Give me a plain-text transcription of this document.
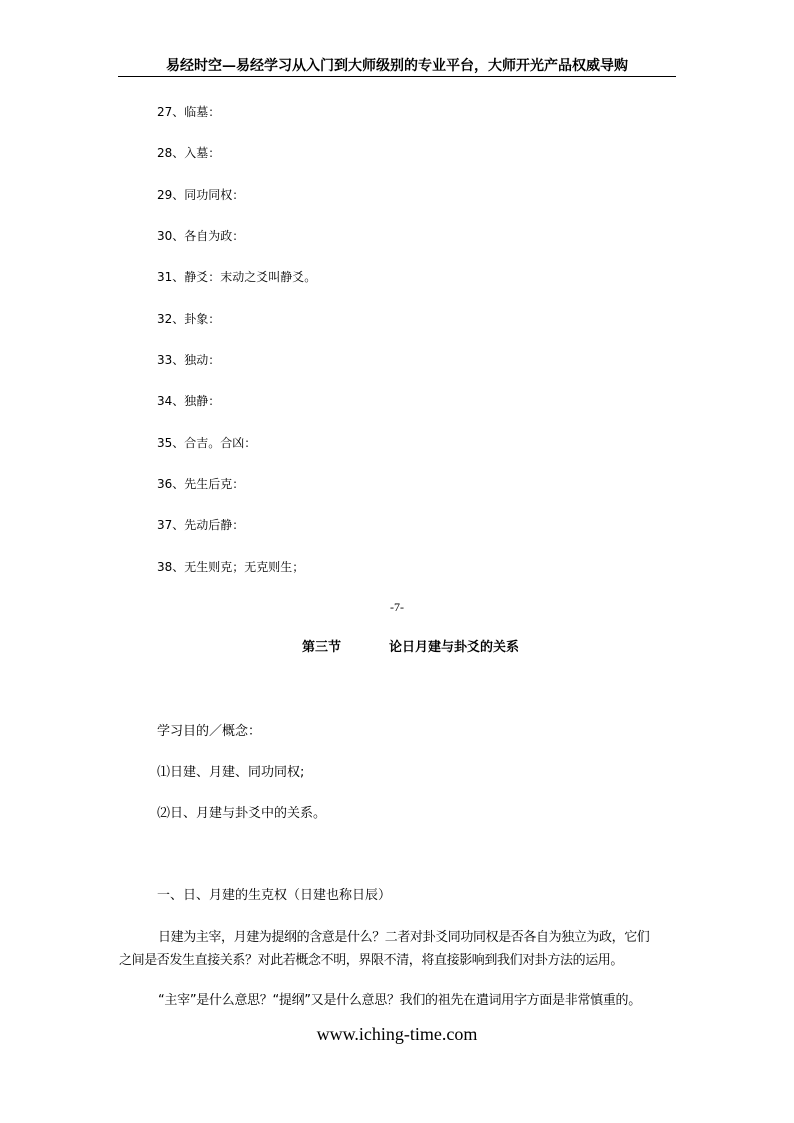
易经时空—易经学习从入门到大师级别的专业平台，大师开光产品权威导购
27、临墓：
28、入墓：
29、同功同权：
30、各自为政：
31、静爻：末动之爻叫静爻。
32、卦象：
33、独动：
34、独静：
35、合吉。合凶：
36、先生后克：
37、先动后静：
38、无生则克；无克则生；
-7-
第三节	论日月建与卦爻的关系
学习目的／概念：
⑴日建、月建、同功同权;
⑵日、月建与卦爻中的关系。
一、日、月建的生克权（日建也称日辰）
日建为主宰，月建为提纲的含意是什么？二者对卦爻同功同权是否各自为独立为政，它们
之间是否发生直接关系？对此若概念不明，界限不清，将直接影响到我们对卦方法的运用。
“主宰”是什么意思？“提纲”又是什么意思？我们的祖先在遣词用字方面是非常慎重的。
www.iching-time.com
